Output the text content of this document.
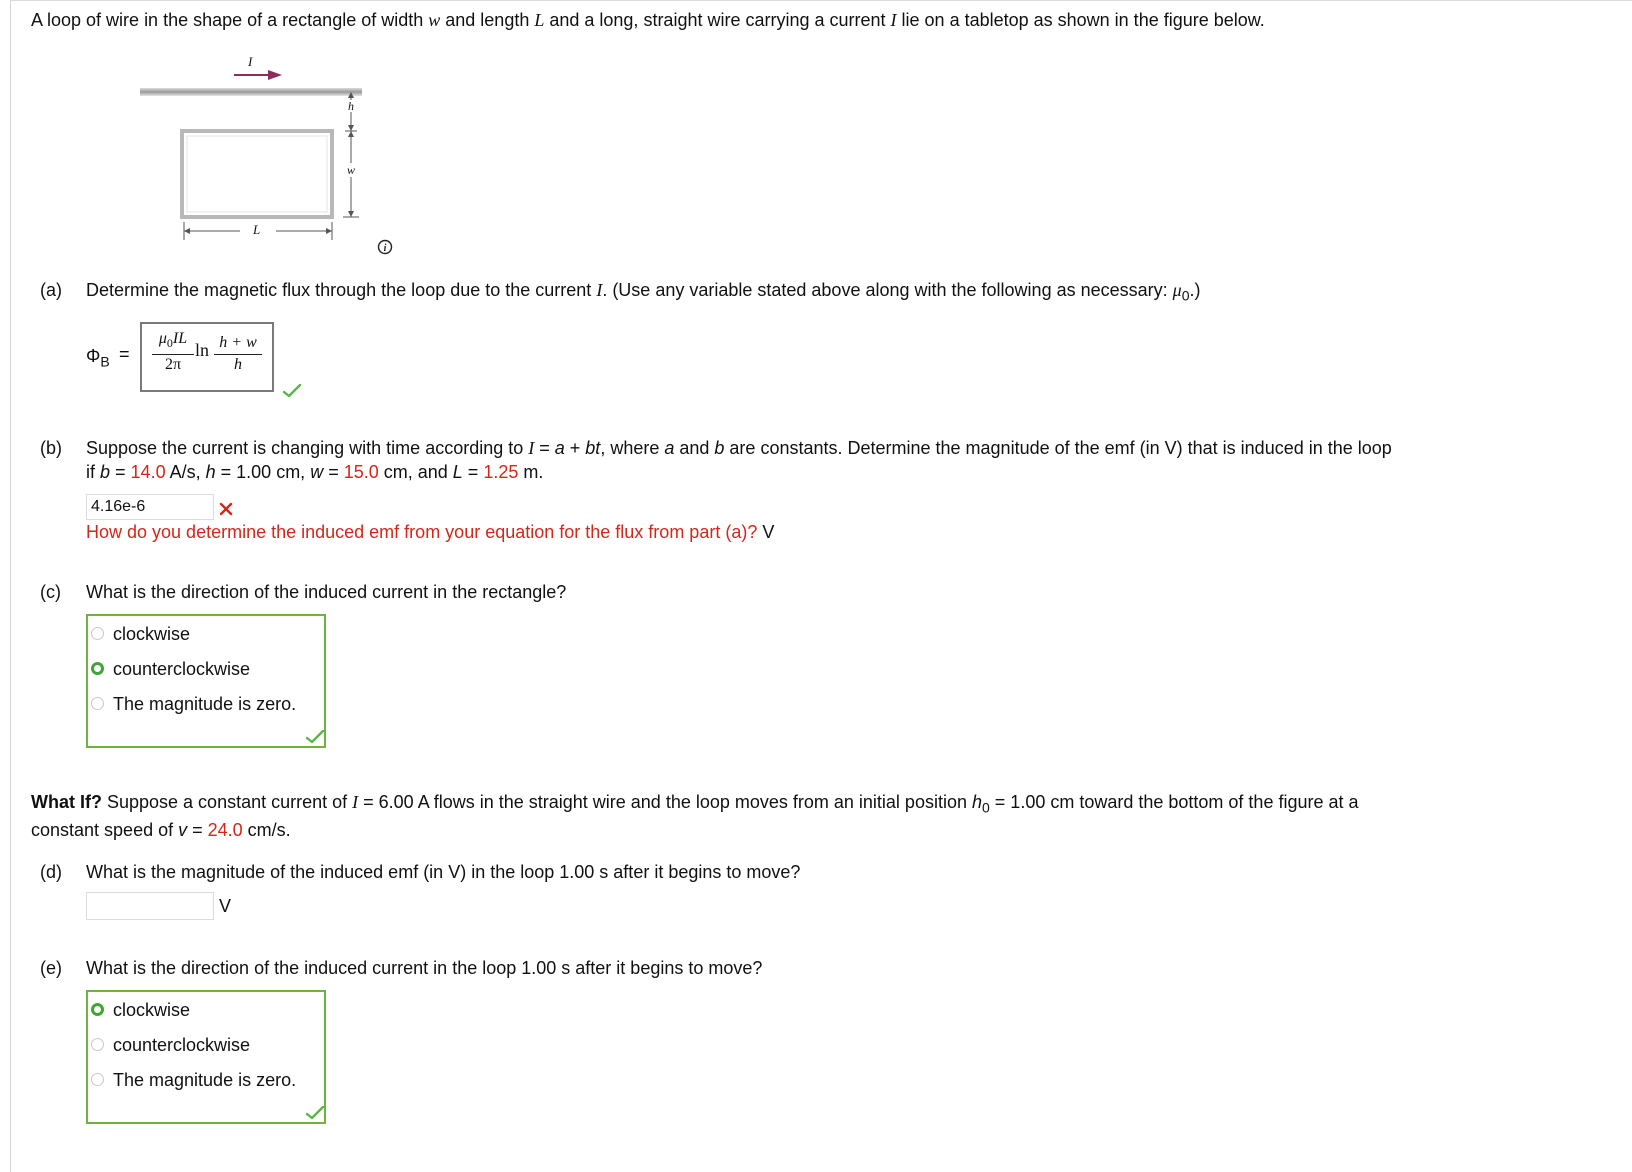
A loop of wire in the shape of a rectangle of width w and length L and a long, straight wire carrying a current I lie on a tabletop as shown in the figure below.
I
h
w
L
i
(a) Determine the magnetic flux through the loop due to the current I. (Use any variable stated above along with the following as necessary: $\mu_0$.)
$\Phi_B$ =
$\mu_0IL$
2π
ln h + w
h
(b) Suppose the current is changing with time according to I = a + bt, where a and b are constants. Determine the magnitude of the emf (in V) that is induced in the loop
if b = 14.0 A/s, h = 1.00 cm, w = 15.0 cm, and L = 1.25 m.
4.16e-6
How do you determine the induced emf from your equation for the flux from part (a)? V
(c) What is the direction of the induced current in the rectangle?
clockwise
counterclockwise
The magnitude is zero.
What If? Suppose a constant current of I = 6.00 A flows in the straight wire and the loop moves from an initial position $h_0 = 1.00$ cm toward the bottom of the figure at a
constant speed of v = 24.0 cm/s.
(d) What is the magnitude of the induced emf (in V) in the loop 1.00 s after it begins to move?
V
(e) What is the direction of the induced current in the loop 1.00 s after it begins to move?
clockwise
counterclockwise
The magnitude is zero.
